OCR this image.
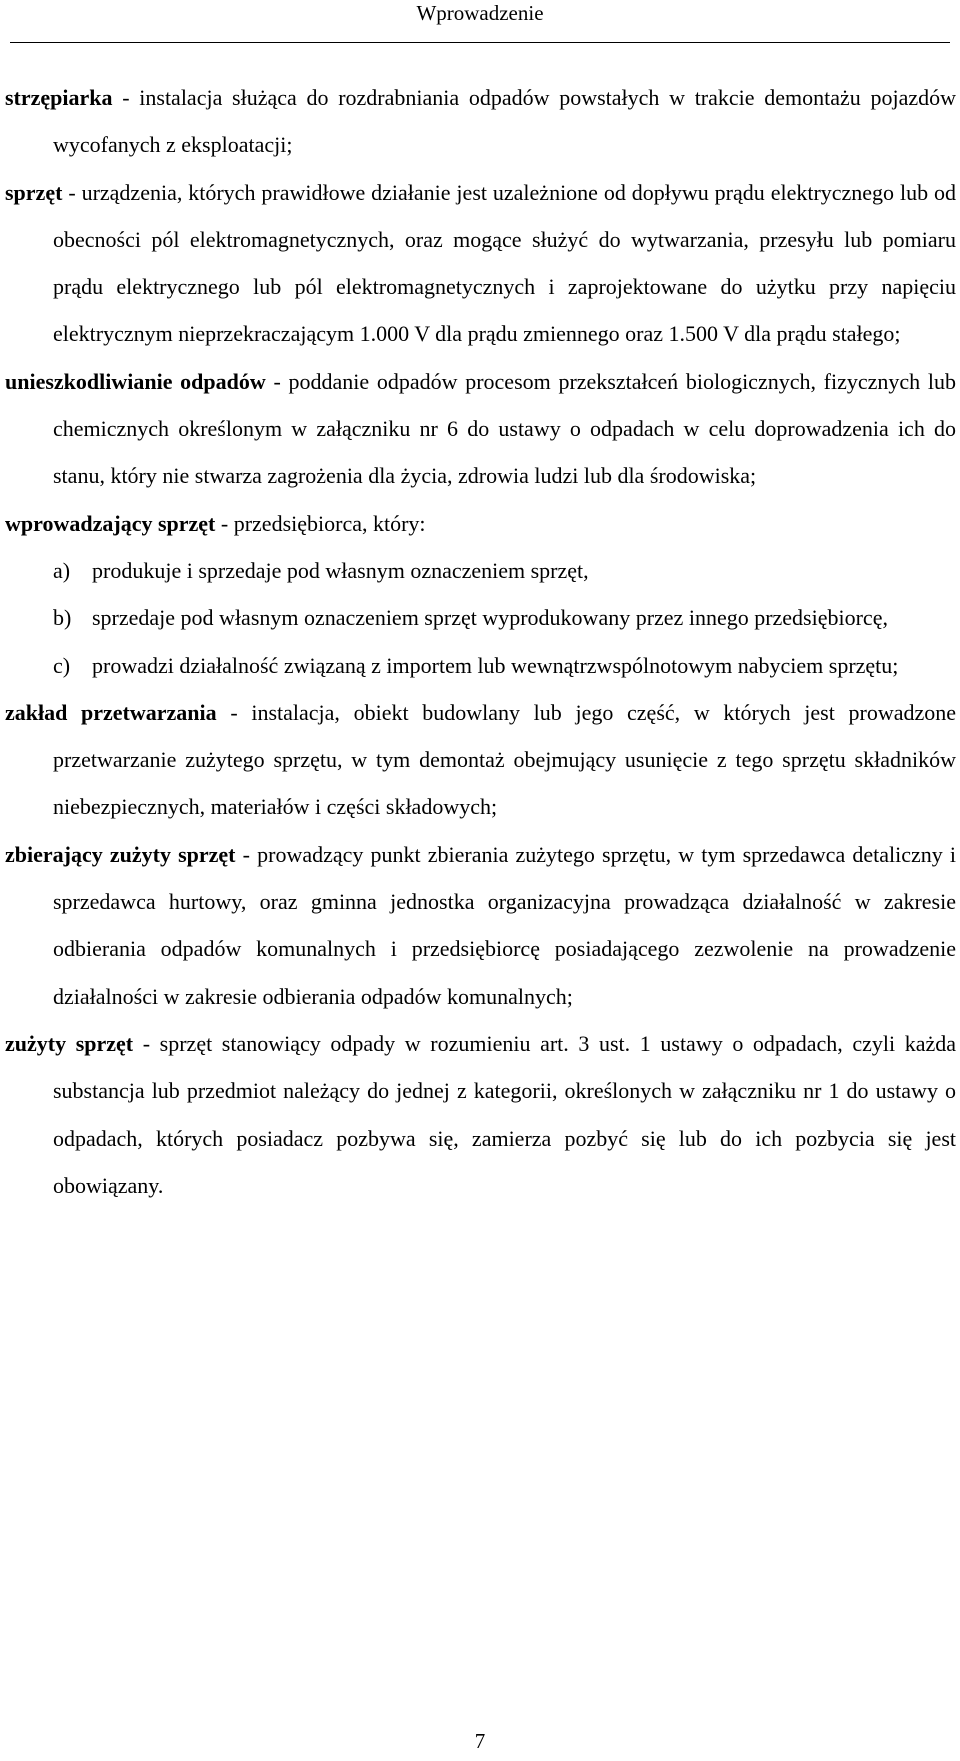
Wprowadzenie

strzępiarka - instalacja służąca do rozdrabniania odpadów powstałych w trakcie demontażu pojazdów wycofanych z eksploatacji;

sprzęt - urządzenia, których prawidłowe działanie jest uzależnione od dopływu prądu elektrycznego lub od obecności pól elektromagnetycznych, oraz mogące służyć do wytwarzania, przesyłu lub pomiaru prądu elektrycznego lub pól elektromagnetycznych i zaprojektowane do użytku przy napięciu elektrycznym nieprzekraczającym 1.000 V dla prądu zmiennego oraz 1.500 V dla prądu stałego;

unieszkodliwianie odpadów - poddanie odpadów procesom przekształceń biologicznych, fizycznych lub chemicznych określonym w załączniku nr 6 do ustawy o odpadach w celu doprowadzenia ich do stanu, który nie stwarza zagrożenia dla życia, zdrowia ludzi lub dla środowiska;

wprowadzający sprzęt - przedsiębiorca, który:

a) produkuje i sprzedaje pod własnym oznaczeniem sprzęt,

b) sprzedaje pod własnym oznaczeniem sprzęt wyprodukowany przez innego przedsiębiorcę,

c) prowadzi działalność związaną z importem lub wewnątrzwspólnotowym nabyciem sprzętu;

zakład przetwarzania - instalacja, obiekt budowlany lub jego część, w których jest prowadzone przetwarzanie zużytego sprzętu, w tym demontaż obejmujący usunięcie z tego sprzętu składników niebezpiecznych, materiałów i części składowych;

zbierający zużyty sprzęt - prowadzący punkt zbierania zużytego sprzętu, w tym sprzedawca detaliczny i sprzedawca hurtowy, oraz gminna jednostka organizacyjna prowadząca działalność w zakresie odbierania odpadów komunalnych i przedsiębiorcę posiadającego zezwolenie na prowadzenie działalności w zakresie odbierania odpadów komunalnych;

zużyty sprzęt - sprzęt stanowiący odpady w rozumieniu art. 3 ust. 1 ustawy o odpadach, czyli każda substancja lub przedmiot należący do jednej z kategorii, określonych w załączniku nr 1 do ustawy o odpadach, których posiadacz pozbywa się, zamierza pozbyć się lub do ich pozbycia się jest obowiązany.

7
